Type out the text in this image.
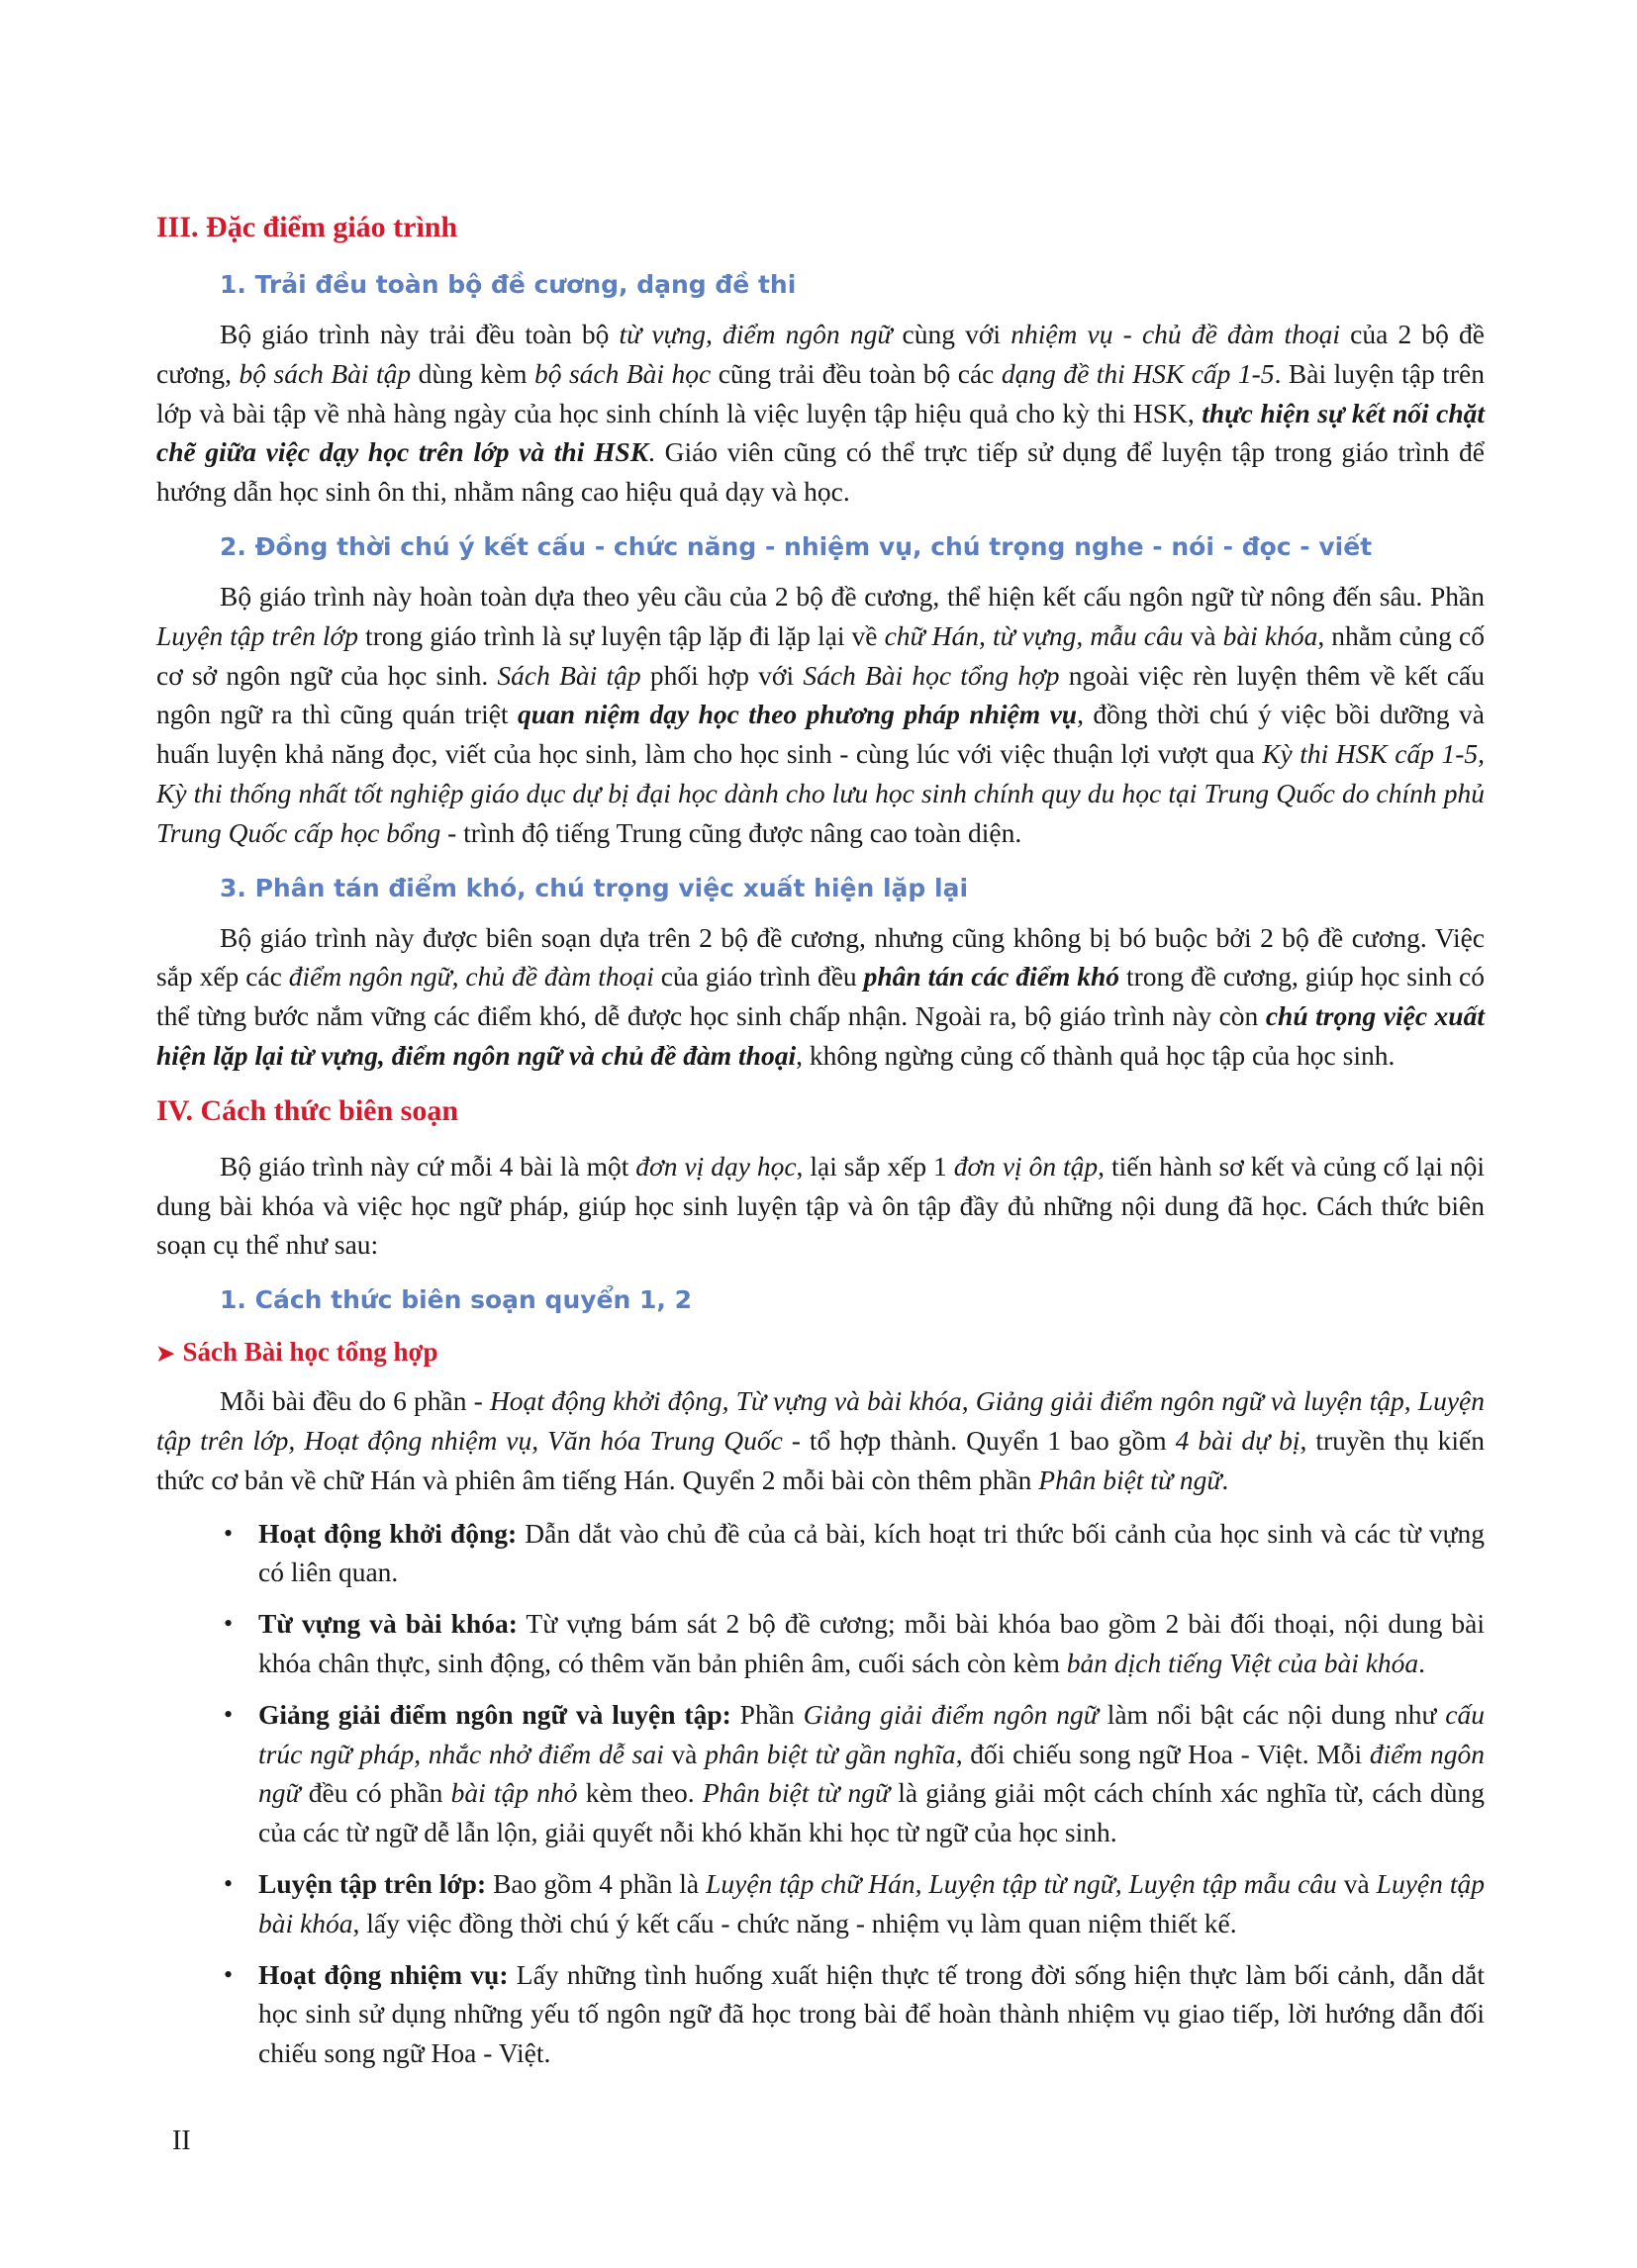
III. Đặc điểm giáo trình
1. Trải đều toàn bộ đề cương, dạng đề thi
Bộ giáo trình này trải đều toàn bộ từ vựng, điểm ngôn ngữ cùng với nhiệm vụ - chủ đề đàm thoại của 2 bộ đề cương, bộ sách Bài tập dùng kèm bộ sách Bài học cũng trải đều toàn bộ các dạng đề thi HSK cấp 1-5. Bài luyện tập trên lớp và bài tập về nhà hàng ngày của học sinh chính là việc luyện tập hiệu quả cho kỳ thi HSK, thực hiện sự kết nối chặt chẽ giữa việc dạy học trên lớp và thi HSK. Giáo viên cũng có thể trực tiếp sử dụng để luyện tập trong giáo trình để hướng dẫn học sinh ôn thi, nhằm nâng cao hiệu quả dạy và học.
2. Đồng thời chú ý kết cấu - chức năng - nhiệm vụ, chú trọng nghe - nói - đọc - viết
Bộ giáo trình này hoàn toàn dựa theo yêu cầu của 2 bộ đề cương, thể hiện kết cấu ngôn ngữ từ nông đến sâu. Phần Luyện tập trên lớp trong giáo trình là sự luyện tập lặp đi lặp lại về chữ Hán, từ vựng, mẫu câu và bài khóa, nhằm củng cố cơ sở ngôn ngữ của học sinh. Sách Bài tập phối hợp với Sách Bài học tổng hợp ngoài việc rèn luyện thêm về kết cấu ngôn ngữ ra thì cũng quán triệt quan niệm dạy học theo phương pháp nhiệm vụ, đồng thời chú ý việc bồi dưỡng và huấn luyện khả năng đọc, viết của học sinh, làm cho học sinh - cùng lúc với việc thuận lợi vượt qua Kỳ thi HSK cấp 1-5, Kỳ thi thống nhất tốt nghiệp giáo dục dự bị đại học dành cho lưu học sinh chính quy du học tại Trung Quốc do chính phủ Trung Quốc cấp học bổng - trình độ tiếng Trung cũng được nâng cao toàn diện.
3. Phân tán điểm khó, chú trọng việc xuất hiện lặp lại
Bộ giáo trình này được biên soạn dựa trên 2 bộ đề cương, nhưng cũng không bị bó buộc bởi 2 bộ đề cương. Việc sắp xếp các điểm ngôn ngữ, chủ đề đàm thoại của giáo trình đều phân tán các điểm khó trong đề cương, giúp học sinh có thể từng bước nắm vững các điểm khó, dễ được học sinh chấp nhận. Ngoài ra, bộ giáo trình này còn chú trọng việc xuất hiện lặp lại từ vựng, điểm ngôn ngữ và chủ đề đàm thoại, không ngừng củng cố thành quả học tập của học sinh.
IV. Cách thức biên soạn
Bộ giáo trình này cứ mỗi 4 bài là một đơn vị dạy học, lại sắp xếp 1 đơn vị ôn tập, tiến hành sơ kết và củng cố lại nội dung bài khóa và việc học ngữ pháp, giúp học sinh luyện tập và ôn tập đầy đủ những nội dung đã học. Cách thức biên soạn cụ thể như sau:
1. Cách thức biên soạn quyển 1, 2
➤ Sách Bài học tổng hợp
Mỗi bài đều do 6 phần - Hoạt động khởi động, Từ vựng và bài khóa, Giảng giải điểm ngôn ngữ và luyện tập, Luyện tập trên lớp, Hoạt động nhiệm vụ, Văn hóa Trung Quốc - tổ hợp thành. Quyển 1 bao gồm 4 bài dự bị, truyền thụ kiến thức cơ bản về chữ Hán và phiên âm tiếng Hán. Quyển 2 mỗi bài còn thêm phần Phân biệt từ ngữ.
• Hoạt động khởi động: Dẫn dắt vào chủ đề của cả bài, kích hoạt tri thức bối cảnh của học sinh và các từ vựng có liên quan.
• Từ vựng và bài khóa: Từ vựng bám sát 2 bộ đề cương; mỗi bài khóa bao gồm 2 bài đối thoại, nội dung bài khóa chân thực, sinh động, có thêm văn bản phiên âm, cuối sách còn kèm bản dịch tiếng Việt của bài khóa.
• Giảng giải điểm ngôn ngữ và luyện tập: Phần Giảng giải điểm ngôn ngữ làm nổi bật các nội dung như cấu trúc ngữ pháp, nhắc nhở điểm dễ sai và phân biệt từ gần nghĩa, đối chiếu song ngữ Hoa - Việt. Mỗi điểm ngôn ngữ đều có phần bài tập nhỏ kèm theo. Phân biệt từ ngữ là giảng giải một cách chính xác nghĩa từ, cách dùng của các từ ngữ dễ lẫn lộn, giải quyết nỗi khó khăn khi học từ ngữ của học sinh.
• Luyện tập trên lớp: Bao gồm 4 phần là Luyện tập chữ Hán, Luyện tập từ ngữ, Luyện tập mẫu câu và Luyện tập bài khóa, lấy việc đồng thời chú ý kết cấu - chức năng - nhiệm vụ làm quan niệm thiết kế.
• Hoạt động nhiệm vụ: Lấy những tình huống xuất hiện thực tế trong đời sống hiện thực làm bối cảnh, dẫn dắt học sinh sử dụng những yếu tố ngôn ngữ đã học trong bài để hoàn thành nhiệm vụ giao tiếp, lời hướng dẫn đối chiếu song ngữ Hoa - Việt.
II
